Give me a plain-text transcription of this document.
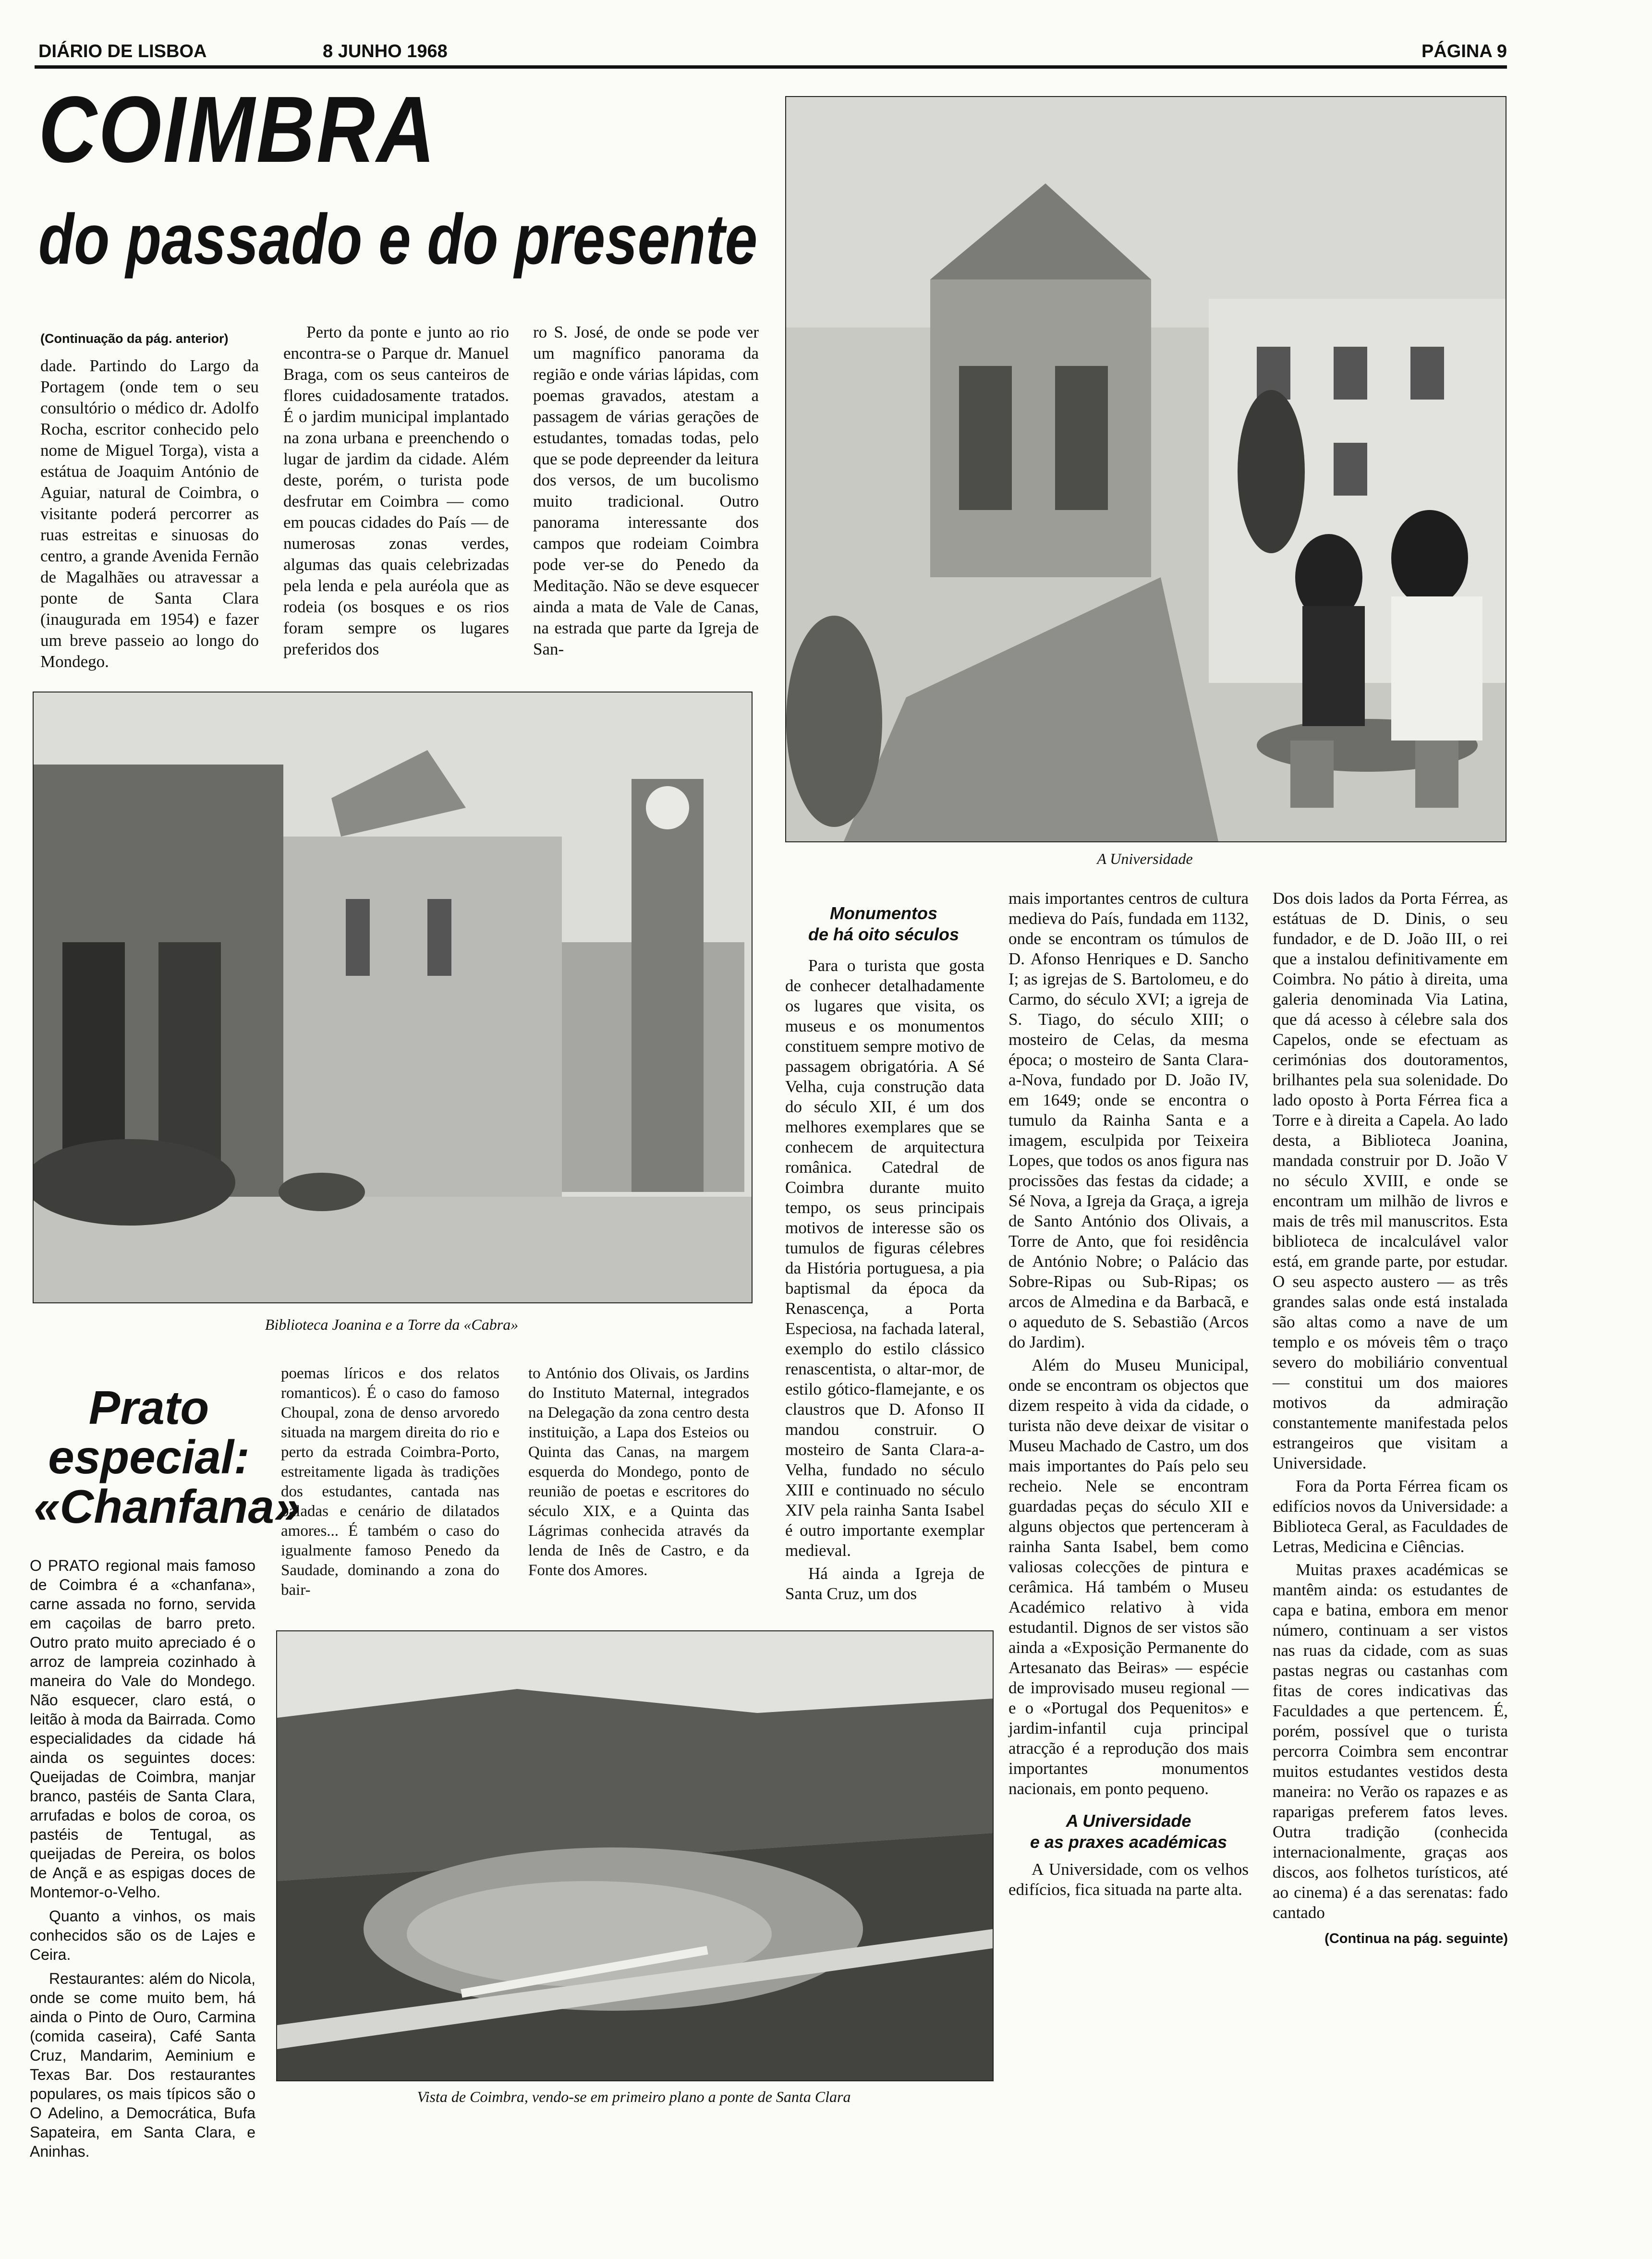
DIÁRIO DE LISBOA	8 JUNHO 1968	PÁGINA 9
COIMBRA
do passado e do presente
(Continuação da pág. anterior)

dade. Partindo do Largo da Portagem (onde tem o seu consultório o médico dr. Adolfo Rocha, escritor conhecido pelo nome de Miguel Torga), vista a estátua de Joaquim António de Aguiar, natural de Coimbra, o visitante poderá percorrer as ruas estreitas e sinuosas do centro, a grande Avenida Fernão de Magalhães ou atravessar a ponte de Santa Clara (inaugurada em 1954) e fazer um breve passeio ao longo do Mondego.

Perto da ponte e junto ao rio encontra-se o Parque dr. Manuel Braga, com os seus canteiros de flores cuidadosamente tratados. É o jardim municipal implantado na zona urbana e preenchendo o lugar de jardim da cidade. Além deste, porém, o turista pode desfrutar em Coimbra — como em poucas cidades do País — de numerosas zonas verdes, algumas das quais celebrizadas pela lenda e pela auréola que as rodeia (os bosques e os rios foram sempre os lugares preferidos dos

ro S. José, de onde se pode ver um magnífico panorama da região e onde várias lápidas, com poemas gravados, atestam a passagem de várias gerações de estudantes, tomadas todas, pelo que se pode depreender da leitura dos versos, de um bucolismo muito tradicional. Outro panorama interessante dos campos que rodeiam Coimbra pode ver-se do Penedo da Meditação. Não se deve esquecer ainda a mata de Vale de Canas, na estrada que parte da Igreja de San-

A Universidade
Biblioteca Joanina e a Torre da «Cabra»
Prato
especial:
«Chanfana»

O PRATO regional mais famoso de Coimbra é a «chanfana», carne assada no forno, servida em caçoilas de barro preto. Outro prato muito apreciado é o arroz de lampreia cozinhado à maneira do Vale do Mondego. Não esquecer, claro está, o leitão à moda da Bairrada. Como especialidades da cidade há ainda os seguintes doces: Queijadas de Coimbra, manjar branco, pastéis de Santa Clara, arrufadas e bolos de coroa, os pastéis de Tentugal, as queijadas de Pereira, os bolos de Ançã e as espigas doces de Montemor-o-Velho.

Quanto a vinhos, os mais conhecidos são os de Lajes e Ceira.

Restaurantes: além do Nicola, onde se come muito bem, há ainda o Pinto de Ouro, Carmina (comida caseira), Café Santa Cruz, Mandarim, Aeminium e Texas Bar. Dos restaurantes populares, os mais típicos são o O Adelino, a Democrática, Bufa Sapateira, em Santa Clara, e Aninhas.

poemas líricos e dos relatos romanticos). É o caso do famoso Choupal, zona de denso arvoredo situada na margem direita do rio e perto da estrada Coimbra-Porto, estreitamente ligada às tradições dos estudantes, cantada nas baladas e cenário de dilatados amores... É também o caso do igualmente famoso Penedo da Saudade, dominando a zona do bair-

to António dos Olivais, os Jardins do Instituto Maternal, integrados na Delegação da zona centro desta instituição, a Lapa dos Esteios ou Quinta das Canas, na margem esquerda do Mondego, ponto de reunião de poetas e escritores do século XIX, e a Quinta das Lágrimas conhecida através da lenda de Inês de Castro, e da Fonte dos Amores.

Monumentos
de há oito séculos

Para o turista que gosta de conhecer detalhadamente os lugares que visita, os museus e os monumentos constituem sempre motivo de passagem obrigatória. A Sé Velha, cuja construção data do século XII, é um dos melhores exemplares que se conhecem de arquitectura românica. Catedral de Coimbra durante muito tempo, os seus principais motivos de interesse são os tumulos de figuras célebres da História portuguesa, a pia baptismal da época da Renascença, a Porta Especiosa, na fachada lateral, exemplo do estilo clássico renascentista, o altar-mor, de estilo gótico-flamejante, e os claustros que D. Afonso II mandou construir. O mosteiro de Santa Clara-a-Velha, fundado no século XIII e continuado no século XIV pela rainha Santa Isabel é outro importante exemplar medieval.

Há ainda a Igreja de Santa Cruz, um dos

mais importantes centros de cultura medieva do País, fundada em 1132, onde se encontram os túmulos de D. Afonso Henriques e D. Sancho I; as igrejas de S. Bartolomeu, e do Carmo, do século XVI; a igreja de S. Tiago, do século XIII; o mosteiro de Celas, da mesma época; o mosteiro de Santa Clara-a-Nova, fundado por D. João IV, em 1649; onde se encontra o tumulo da Rainha Santa e a imagem, esculpida por Teixeira Lopes, que todos os anos figura nas procissões das festas da cidade; a Sé Nova, a Igreja da Graça, a igreja de Santo António dos Olivais, a Torre de Anto, que foi residência de António Nobre; o Palácio das Sobre-Ripas ou Sub-Ripas; os arcos de Almedina e da Barbacã, e o aqueduto de S. Sebastião (Arcos do Jardim).

Além do Museu Municipal, onde se encontram os objectos que dizem respeito à vida da cidade, o turista não deve deixar de visitar o Museu Machado de Castro, um dos mais importantes do País pelo seu recheio. Nele se encontram guardadas peças do século XII e alguns objectos que pertenceram à rainha Santa Isabel, bem como valiosas colecções de pintura e cerâmica. Há também o Museu Académico relativo à vida estudantil. Dignos de ser vistos são ainda a «Exposição Permanente do Artesanato das Beiras» — espécie de improvisado museu regional — e o «Portugal dos Pequenitos» e jardim-infantil cuja principal atracção é a reprodução dos mais importantes monumentos nacionais, em ponto pequeno.

A Universidade
e as praxes académicas

A Universidade, com os velhos edifícios, fica situada na parte alta.

Dos dois lados da Porta Férrea, as estátuas de D. Dinis, o seu fundador, e de D. João III, o rei que a instalou definitivamente em Coimbra. No pátio à direita, uma galeria denominada Via Latina, que dá acesso à célebre sala dos Capelos, onde se efectuam as cerimónias dos doutoramentos, brilhantes pela sua solenidade. Do lado oposto à Porta Férrea fica a Torre e à direita a Capela. Ao lado desta, a Biblioteca Joanina, mandada construir por D. João V no século XVIII, e onde se encontram um milhão de livros e mais de três mil manuscritos. Esta biblioteca de incalculável valor está, em grande parte, por estudar. O seu aspecto austero — as três grandes salas onde está instalada são altas como a nave de um templo e os móveis têm o traço severo do mobiliário conventual — constitui um dos maiores motivos da admiração constantemente manifestada pelos estrangeiros que visitam a Universidade.

Fora da Porta Férrea ficam os edifícios novos da Universidade: a Biblioteca Geral, as Faculdades de Letras, Medicina e Ciências.

Muitas praxes académicas se mantêm ainda: os estudantes de capa e batina, embora em menor número, continuam a ser vistos nas ruas da cidade, com as suas pastas negras ou castanhas com fitas de cores indicativas das Faculdades a que pertencem. É, porém, possível que o turista percorra Coimbra sem encontrar muitos estudantes vestidos desta maneira: no Verão os rapazes e as raparigas preferem fatos leves. Outra tradição (conhecida internacionalmente, graças aos discos, aos folhetos turísticos, até ao cinema) é a das serenatas: fado cantado

(Continua na pág. seguinte)
Vista de Coimbra, vendo-se em primeiro plano a ponte de Santa Clara
